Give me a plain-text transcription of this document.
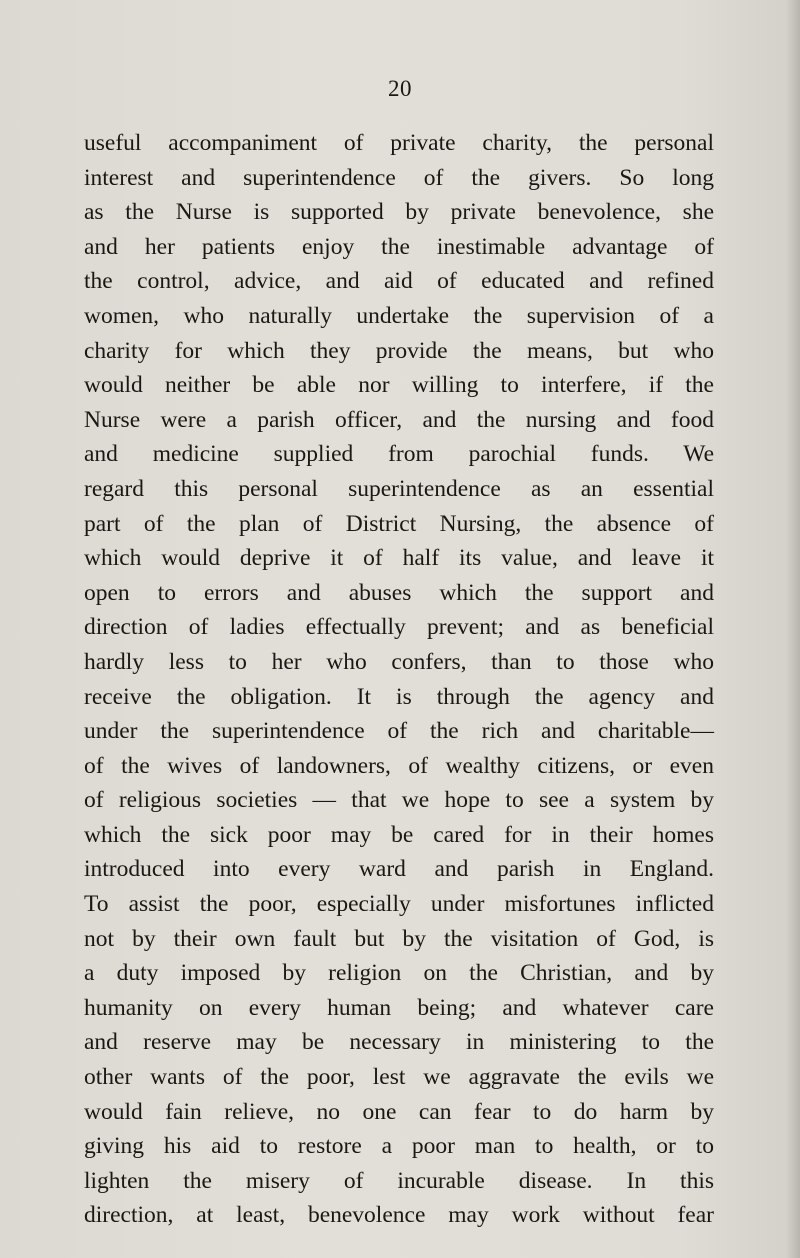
20

useful accompaniment of private charity, the personal
interest and superintendence of the givers. So long
as the Nurse is supported by private benevolence, she
and her patients enjoy the inestimable advantage of
the control, advice, and aid of educated and refined
women, who naturally undertake the supervision of a
charity for which they provide the means, but who
would neither be able nor willing to interfere, if the
Nurse were a parish officer, and the nursing and food
and medicine supplied from parochial funds. We
regard this personal superintendence as an essential
part of the plan of District Nursing, the absence of
which would deprive it of half its value, and leave it
open to errors and abuses which the support and
direction of ladies effectually prevent; and as beneficial
hardly less to her who confers, than to those who
receive the obligation. It is through the agency and
under the superintendence of the rich and charitable—
of the wives of landowners, of wealthy citizens, or even
of religious societies — that we hope to see a system by
which the sick poor may be cared for in their homes
introduced into every ward and parish in England.
To assist the poor, especially under misfortunes inflicted
not by their own fault but by the visitation of God, is
a duty imposed by religion on the Christian, and by
humanity on every human being; and whatever care
and reserve may be necessary in ministering to the
other wants of the poor, lest we aggravate the evils we
would fain relieve, no one can fear to do harm by
giving his aid to restore a poor man to health, or to
lighten the misery of incurable disease. In this
direction, at least, benevolence may work without fear
